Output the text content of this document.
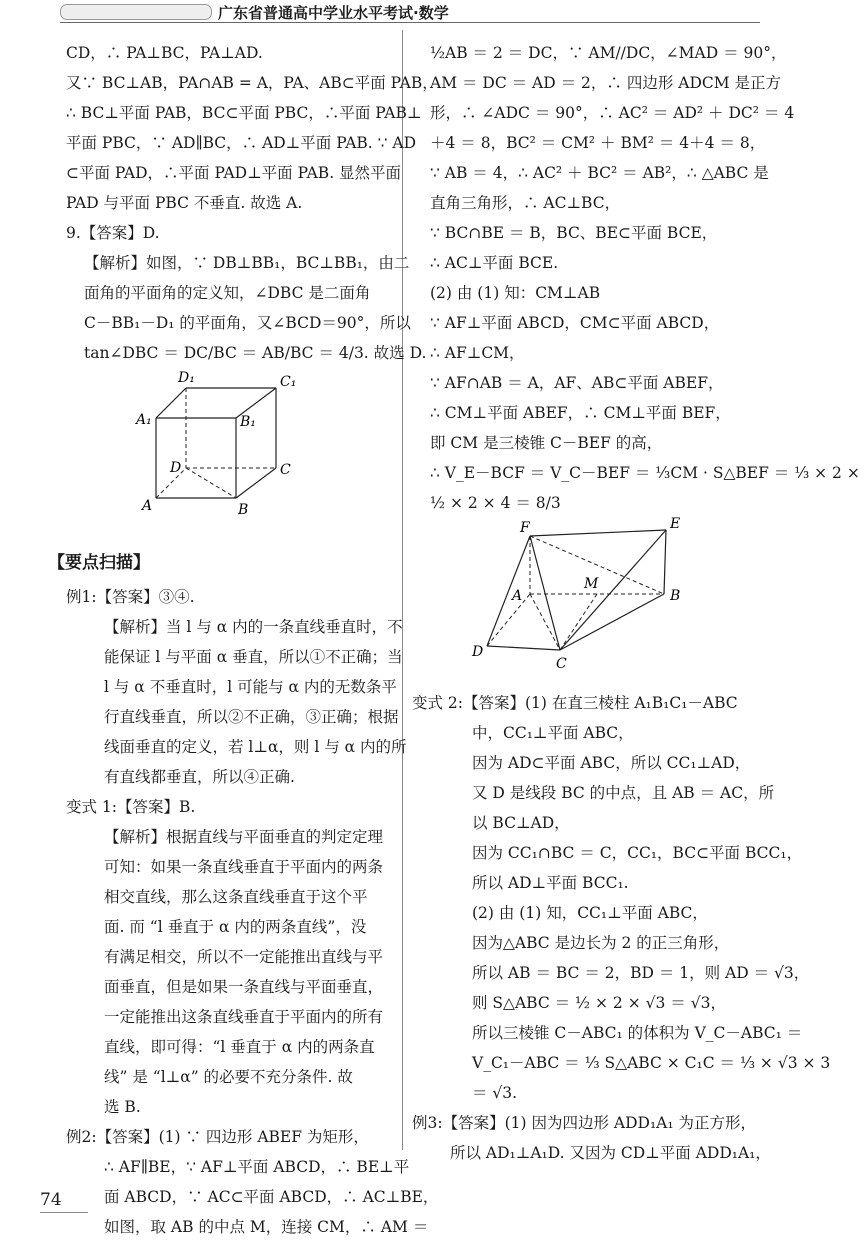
广东省普通高中学业水平考试·数学
CD，∴ PA⊥BC，PA⊥AD.
又∵ BC⊥AB，PA∩AB = A，PA、AB⊂平面 PAB，
∴ BC⊥平面 PAB，BC⊂平面 PBC，∴平面 PAB⊥
平面 PBC，∵ AD∥BC，∴ AD⊥平面 PAB. ∵ AD
⊂平面 PAD，∴平面 PAD⊥平面 PAB. 显然平面
PAD 与平面 PBC 不垂直. 故选 A.
9.【答案】D.
【解析】如图，∵ DB⊥BB₁，BC⊥BB₁，由二
面角的平面角的定义知，∠DBC 是二面角
C－BB₁－D₁ 的平面角，又∠BCD＝90°，所以
tan∠DBC ＝ DC/BC ＝ AB/BC ＝ 4/3. 故选 D.
D₁	C₁
A₁	B₁
D	C
A	B
【要点扫描】
例1:【答案】③④.
【解析】当 l 与 α 内的一条直线垂直时，不
能保证 l 与平面 α 垂直，所以①不正确；当
l 与 α 不垂直时，l 可能与 α 内的无数条平
行直线垂直，所以②不正确，③正确；根据
线面垂直的定义，若 l⊥α，则 l 与 α 内的所
有直线都垂直，所以④正确.
变式 1:【答案】B.
【解析】根据直线与平面垂直的判定定理
可知：如果一条直线垂直于平面内的两条
相交直线，那么这条直线垂直于这个平
面. 而 “l 垂直于 α 内的两条直线”，没
有满足相交，所以不一定能推出直线与平
面垂直，但是如果一条直线与平面垂直，
一定能推出这条直线垂直于平面内的所有
直线，即可得：“l 垂直于 α 内的两条直
线” 是 “l⊥α” 的必要不充分条件. 故
选 B.
例2:【答案】(1) ∵ 四边形 ABEF 为矩形，
∴ AF∥BE，∵ AF⊥平面 ABCD，∴ BE⊥平
面 ABCD，∵ AC⊂平面 ABCD，∴ AC⊥BE，
如图，取 AB 的中点 M，连接 CM，∴ AM ＝
½AB ＝ 2 ＝ DC，∵ AM//DC，∠MAD ＝ 90°，
AM ＝ DC ＝ AD ＝ 2，∴ 四边形 ADCM 是正方
形，∴ ∠ADC ＝ 90°，∴ AC² ＝ AD² ＋ DC² ＝ 4
＋4 ＝ 8，BC² ＝ CM² ＋ BM² ＝ 4＋4 ＝ 8，
∵ AB ＝ 4，∴ AC² ＋ BC² ＝ AB²，∴ △ABC 是
直角三角形，∴ AC⊥BC，
∵ BC∩BE ＝ B，BC、BE⊂平面 BCE，
∴ AC⊥平面 BCE.
(2) 由 (1) 知：CM⊥AB
∵ AF⊥平面 ABCD，CM⊂平面 ABCD，
∴ AF⊥CM，
∵ AF∩AB ＝ A，AF、AB⊂平面 ABEF，
∴ CM⊥平面 ABEF，∴ CM⊥平面 BEF，
即 CM 是三棱锥 C－BEF 的高，
∴ V_E－BCF ＝ V_C－BEF ＝ ⅓CM · S△BEF ＝ ⅓ × 2 ×
½ × 2 × 4 ＝ 8/3
F	E
A
M
B
D
C
变式 2:【答案】(1) 在直三棱柱 A₁B₁C₁－ABC
中，CC₁⊥平面 ABC，
因为 AD⊂平面 ABC，所以 CC₁⊥AD，
又 D 是线段 BC 的中点，且 AB ＝ AC，所
以 BC⊥AD，
因为 CC₁∩BC ＝ C，CC₁，BC⊂平面 BCC₁，
所以 AD⊥平面 BCC₁.
(2) 由 (1) 知，CC₁⊥平面 ABC，
因为△ABC 是边长为 2 的正三角形，
所以 AB ＝ BC ＝ 2，BD ＝ 1，则 AD ＝ √3，
则 S△ABC ＝ ½ × 2 × √3 ＝ √3，
所以三棱锥 C－ABC₁ 的体积为 V_C－ABC₁ ＝
V_C₁－ABC ＝ ⅓ S△ABC × C₁C ＝ ⅓ × √3 × 3
＝ √3.
例3:【答案】(1) 因为四边形 ADD₁A₁ 为正方形，
所以 AD₁⊥A₁D. 又因为 CD⊥平面 ADD₁A₁，
74
